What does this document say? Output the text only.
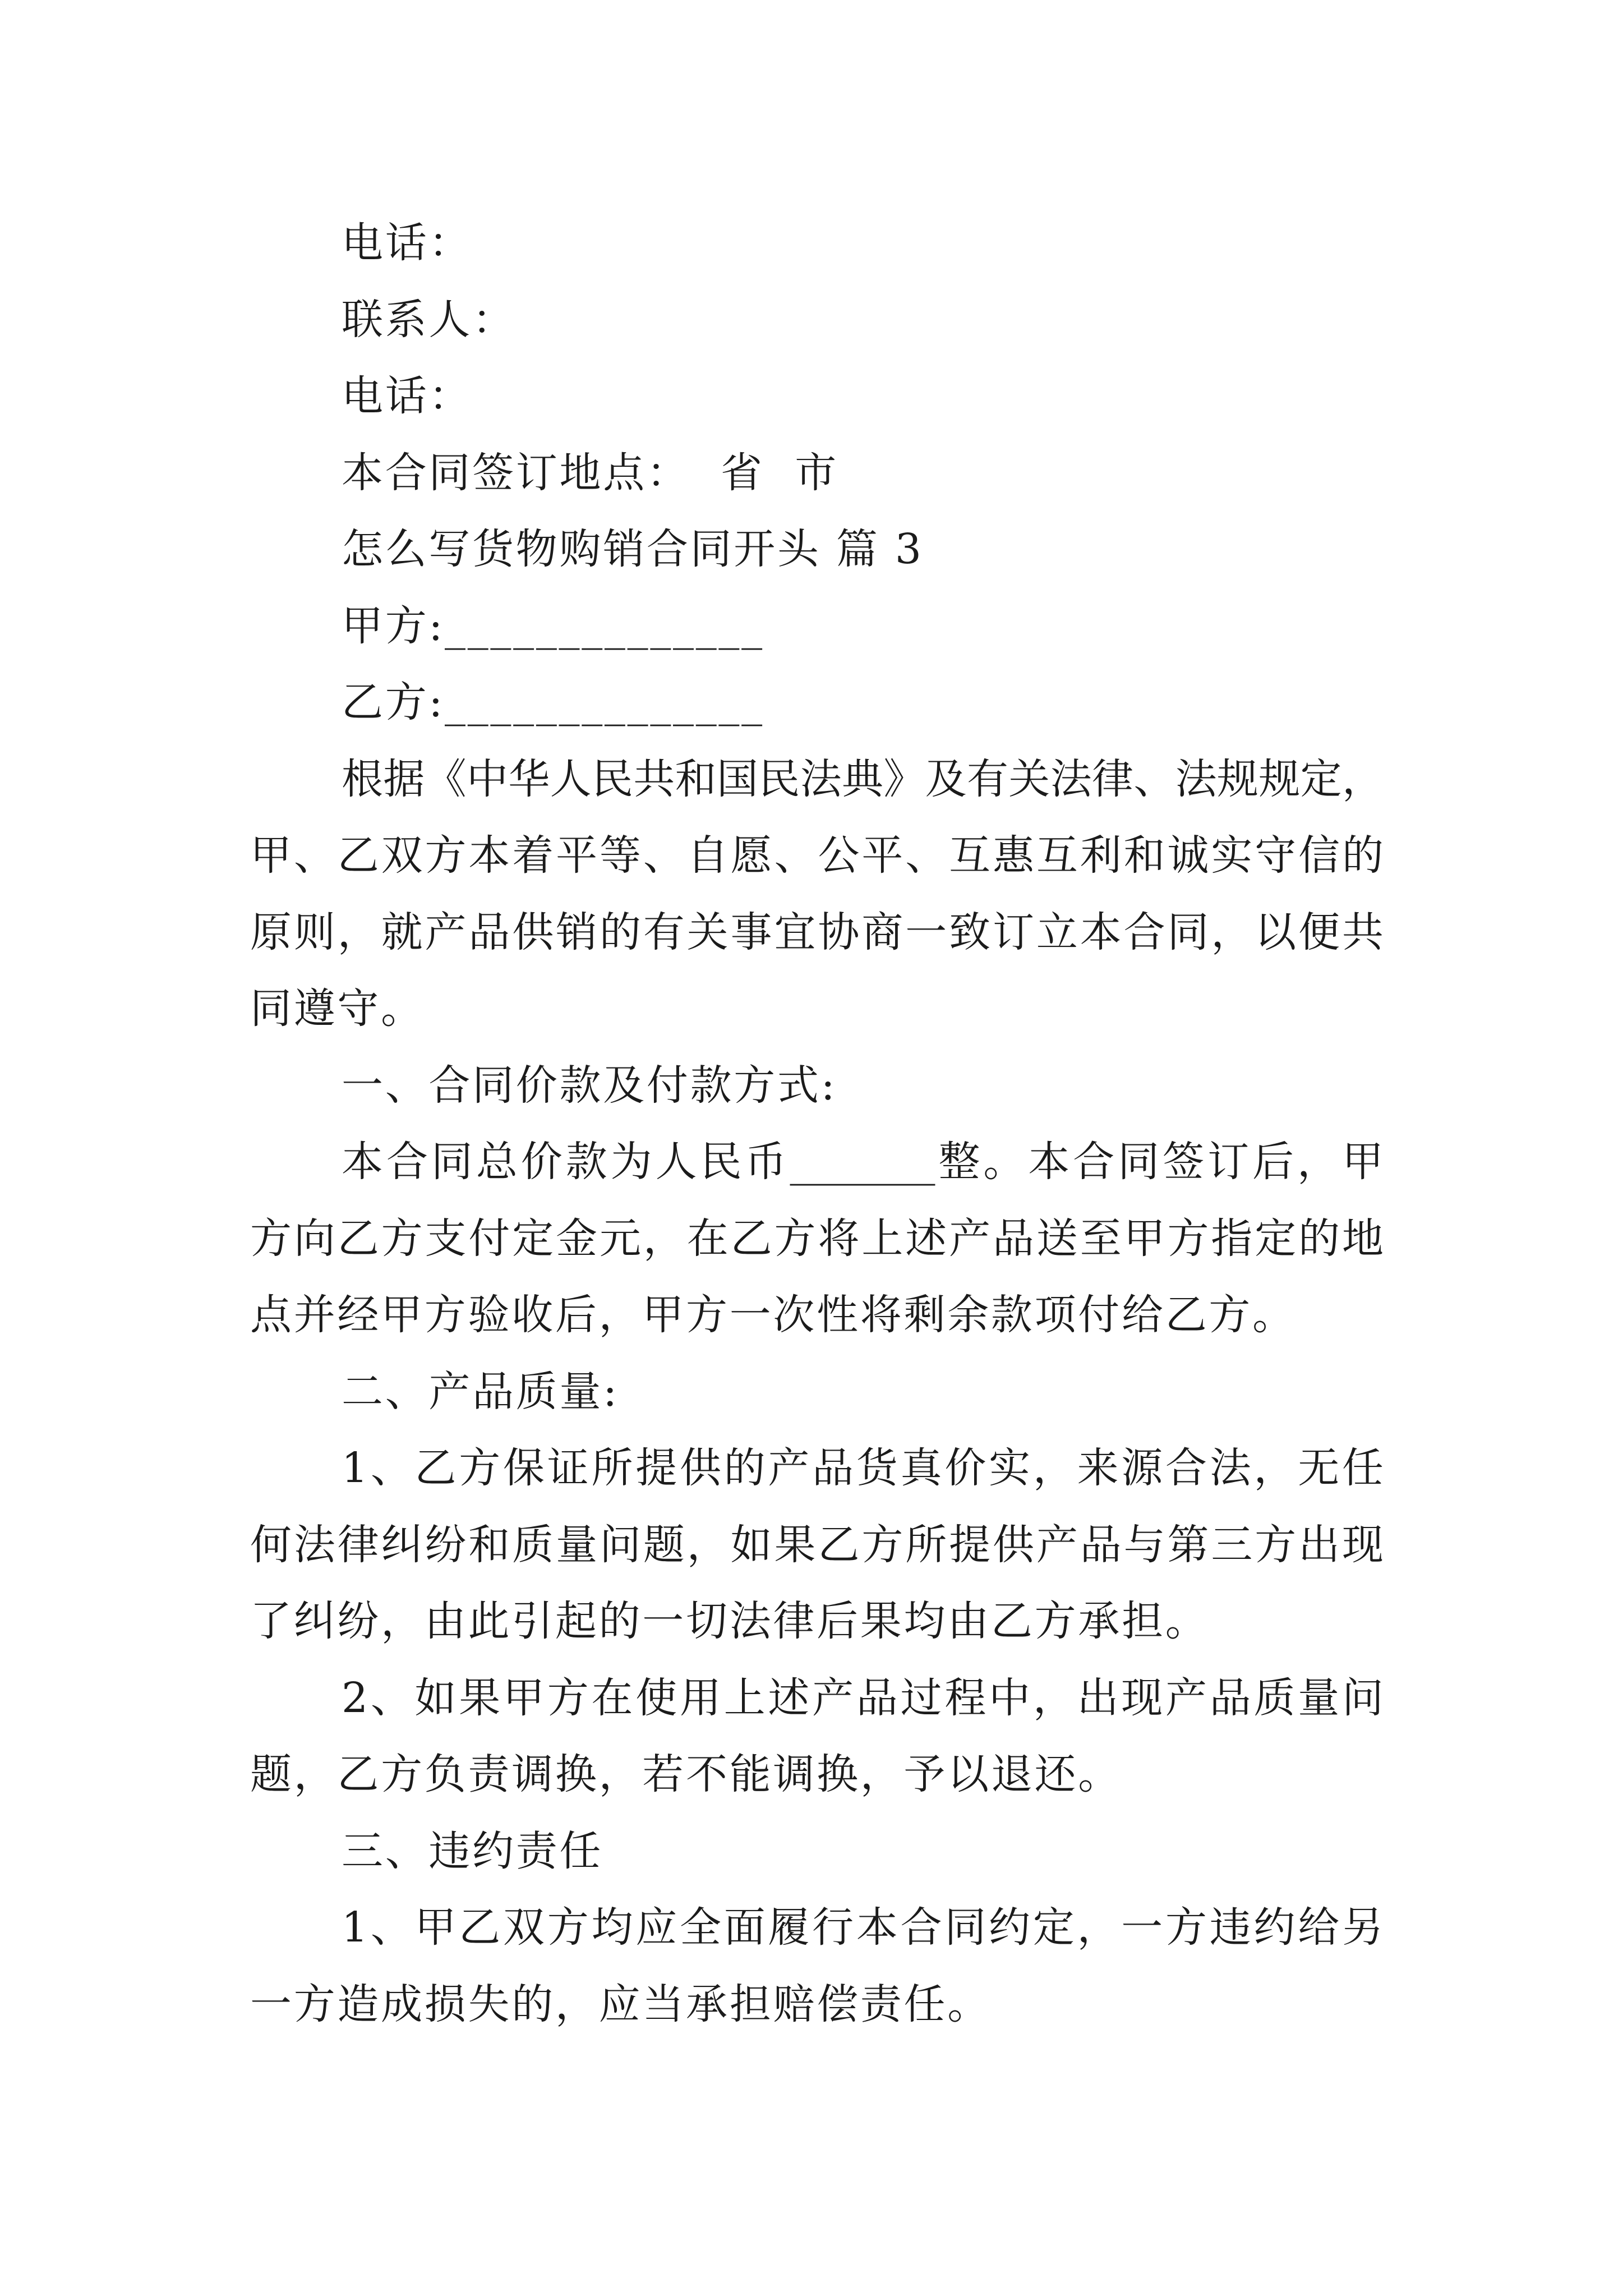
电话：
联系人：
电话：
本合同签订地点：  省  市
怎么写货物购销合同开头 篇 3
甲方:______________
乙方:______________
根据《中华人民共和国民法典》及有关法律、法规规定，
甲、乙双方本着平等、自愿、公平、互惠互利和诚实守信的
原则，就产品供销的有关事宜协商一致订立本合同，以便共
同遵守。
一、合同价款及付款方式:
本合同总价款为人民币_______整。本合同签订后，甲
方向乙方支付定金元，在乙方将上述产品送至甲方指定的地
点并经甲方验收后，甲方一次性将剩余款项付给乙方。
二、产品质量:
1、乙方保证所提供的产品货真价实，来源合法，无任
何法律纠纷和质量问题，如果乙方所提供产品与第三方出现
了纠纷，由此引起的一切法律后果均由乙方承担。
2、如果甲方在使用上述产品过程中，出现产品质量问
题，乙方负责调换，若不能调换，予以退还。
三、违约责任
1、甲乙双方均应全面履行本合同约定，一方违约给另
一方造成损失的，应当承担赔偿责任。
